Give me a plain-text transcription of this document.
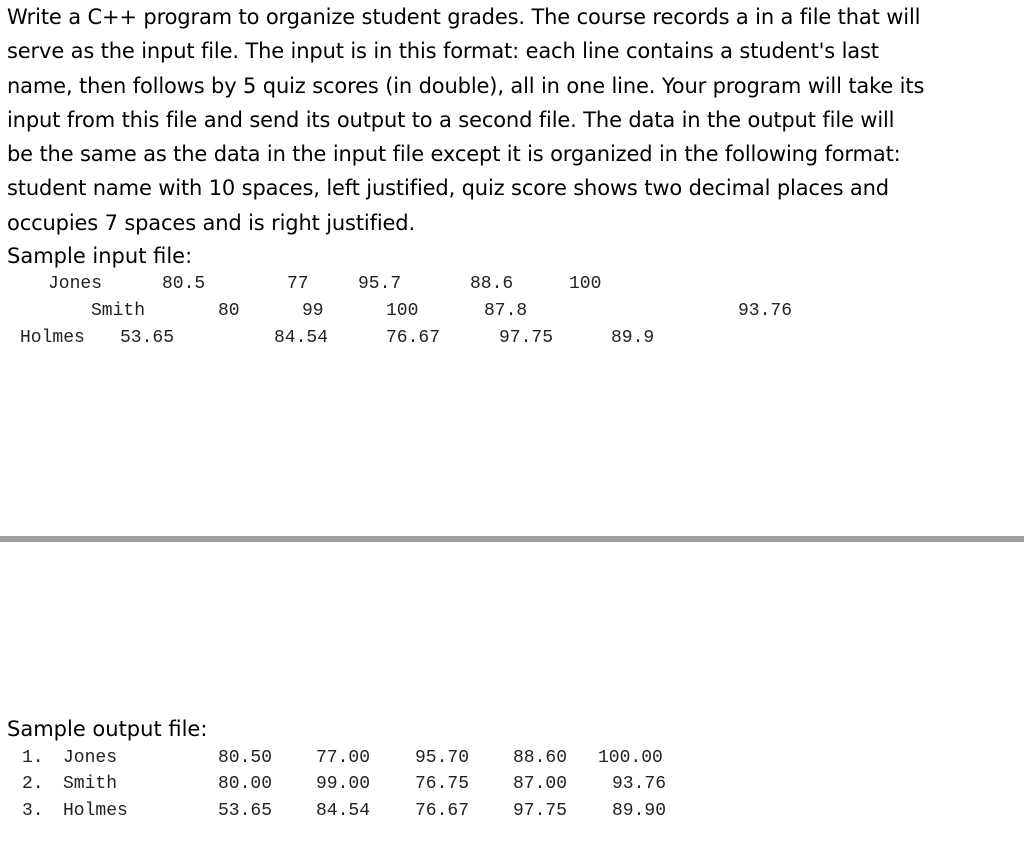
Write a C++ program to organize student grades. The course records a in a file that will
serve as the input file. The input is in this format: each line contains a student's last
name, then follows by 5 quiz scores (in double), all in one line. Your program will take its
input from this file and send its output to a second file. The data in the output file will
be the same as the data in the input file except it is organized in the following format:
student name with 10 spaces, left justified, quiz score shows two decimal places and
occupies 7 spaces and is right justified.
Sample input file:
Jones	80.5	77	95.7	88.6	100
Smith	80	99	100	87.8	93.76
Holmes 53.65	84.54	76.67	97.75	89.9
Sample output file:
1. Jones	80.50 77.00 95.70 88.60 100.00
2. Smith	80.00 99.00 76.75 87.00 93.76
3. Holmes	53.65 84.54 76.67 97.75 89.90
